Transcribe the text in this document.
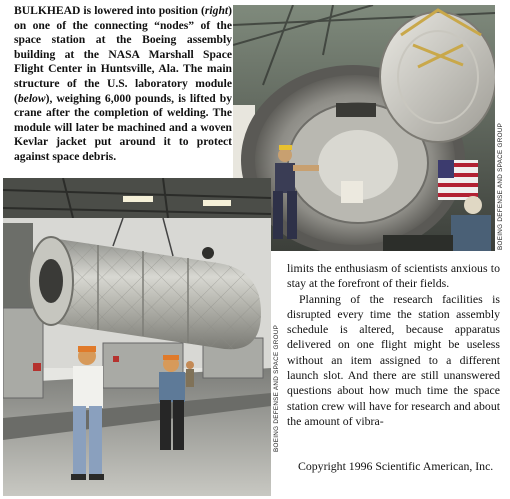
BULKHEAD is lowered into position (right) on one of the connecting “nodes” of the space station at the Boeing assembly building at the NASA Marshall Space Flight Center in Huntsville, Ala. The main structure of the U.S. laboratory module (below), weighing 6,000 pounds, is lifted by crane after the completion of welding. The module will later be machined and a woven Kevlar jacket put around it to protect against space debris.	BOEING DEFENSE AND SPACE GROUP
BOEING DEFENSE AND SPACE GROUP

limits the enthusiasm of scientists anxious to stay at the forefront of their fields.

Planning of the research facilities is disrupted every time the station assembly schedule is altered, because apparatus delivered on one flight might be useless without an item assigned to a different launch slot. And there are still unanswered questions about how much time the space station crew will have for research and about the amount of vibra-

Copyright 1996 Scientific American, Inc.
